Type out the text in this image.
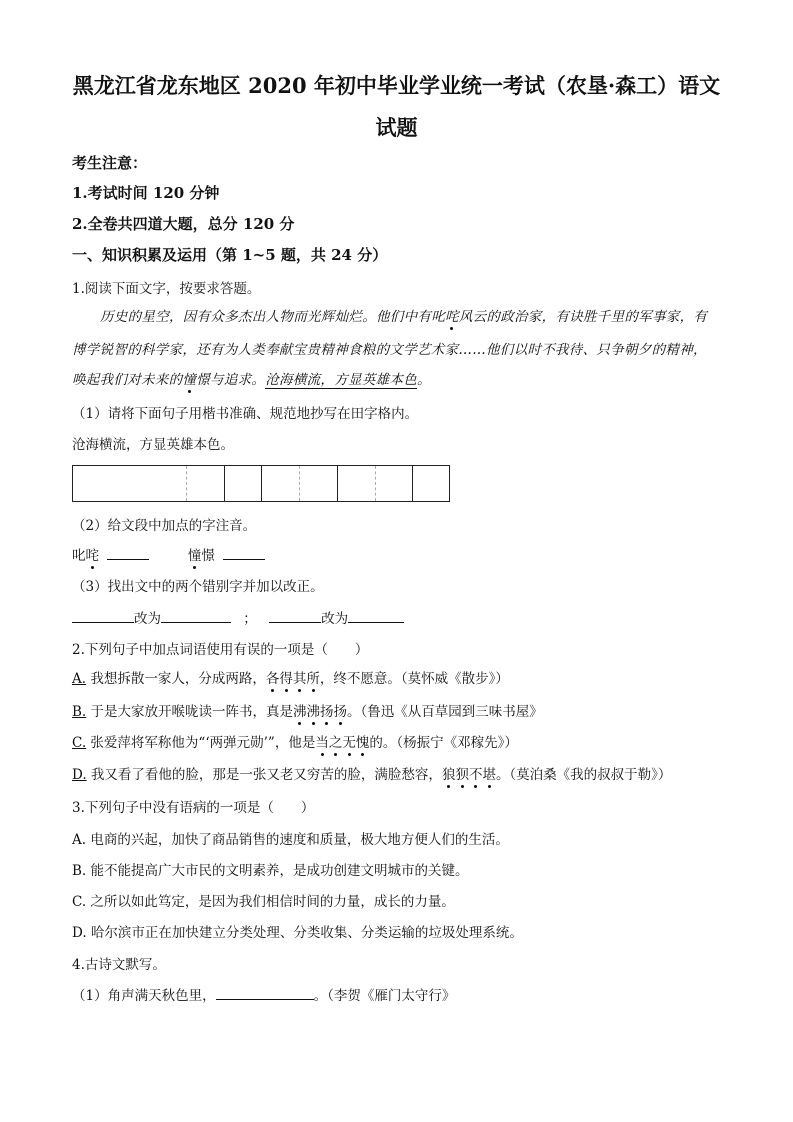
黑龙江省龙东地区 2020 年初中毕业学业统一考试（农垦·森工）语文
试题
考生注意：
1.考试时间 120 分钟
2.全卷共四道大题，总分 120 分
一、知识积累及运用（第 1~5 题，共 24 分）
1.阅读下面文字，按要求答题。
历史的星空，因有众多杰出人物而光辉灿烂。他们中有叱咤风云的政治家，有诀胜千里的军事家，有
博学锐智的科学家，还有为人类奉献宝贵精神食粮的文学艺术家……他们以时不我待、只争朝夕的精神，
唤起我们对未来的憧憬与追求。沧海横流，方显英雄本色。
（1）请将下面句子用楷书准确、规范地抄写在田字格内。
沧海横流，方显英雄本色。
（2）给文段中加点的字注音。
叱咤	憧憬
（3）找出文中的两个错别字并加以改正。
改为	；	改为
2.下列句子中加点词语使用有误的一项是（　　）
A. 我想拆散一家人，分成两路，各得其所，终不愿意。（莫怀威《散步》）
B. 于是大家放开喉咙读一阵书，真是沸沸扬扬。（鲁迅《从百草园到三味书屋》
C. 张爱萍将军称他为“‘两弹元勋’”，他是当之无愧的。（杨振宁《邓稼先》）
D. 我又看了看他的脸，那是一张又老又穷苦的脸，满脸愁容，狼狈不堪。（莫泊桑《我的叔叔于勒》）
3.下列句子中没有语病的一项是（　　）
A. 电商的兴起，加快了商品销售的速度和质量，极大地方便人们的生活。
B. 能不能提高广大市民的文明素养，是成功创建文明城市的关键。
C. 之所以如此笃定，是因为我们相信时间的力量，成长的力量。
D. 哈尔滨市正在加快建立分类处理、分类收集、分类运输的垃圾处理系统。
4.古诗文默写。
（1）角声满天秋色里，	。（李贺《雁门太守行》
